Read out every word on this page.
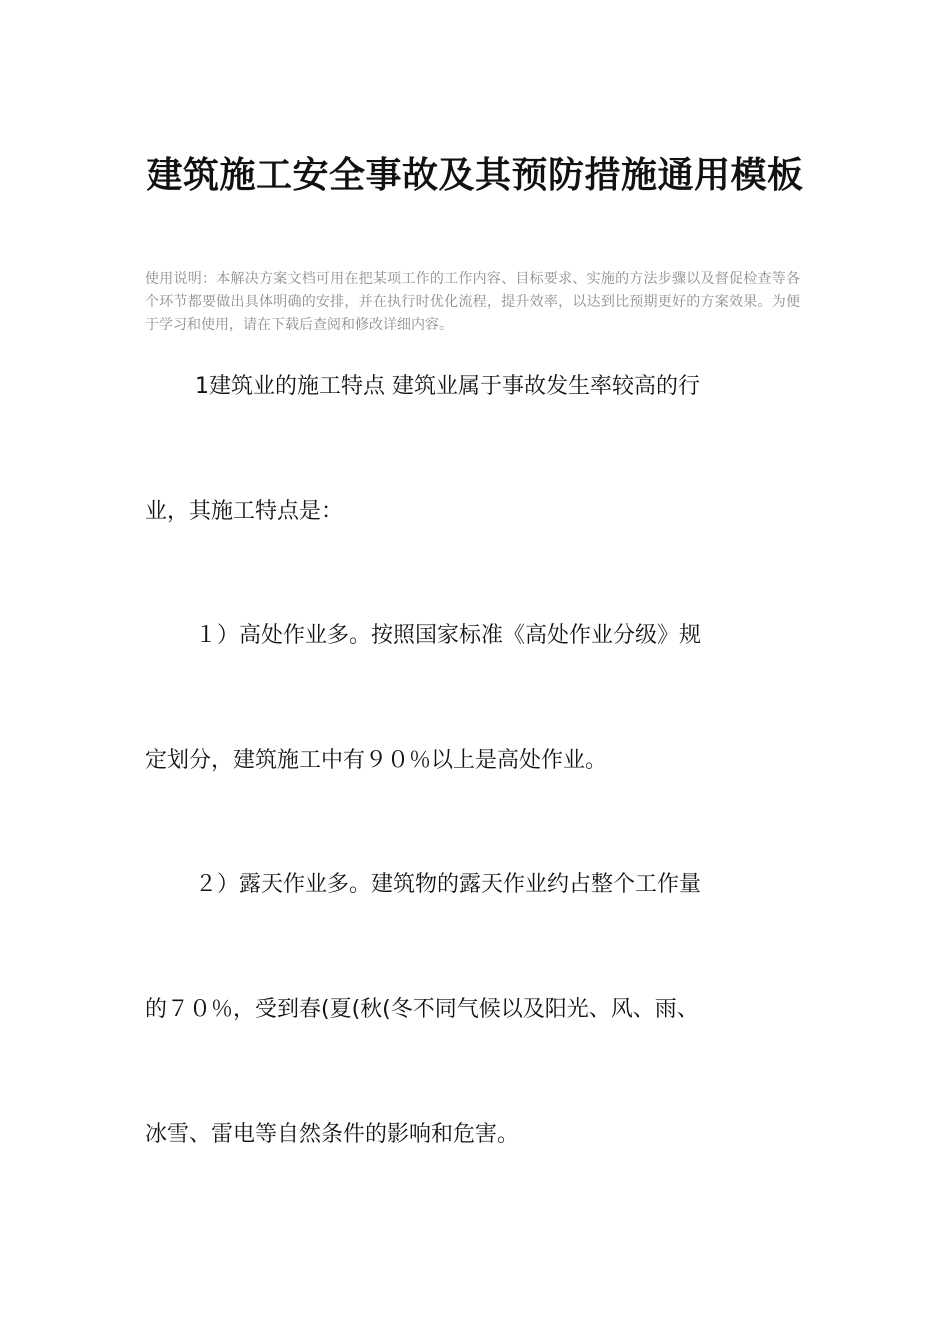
建筑施工安全事故及其预防措施通用模板

使用说明：本解决方案文档可用在把某项工作的工作内容、目标要求、实施的方法步骤以及督促检查等各个环节都要做出具体明确的安排，并在执行时优化流程，提升效率，以达到比预期更好的方案效果。为便于学习和使用，请在下载后查阅和修改详细内容。

1建筑业的施工特点 建筑业属于事故发生率较高的行

业，其施工特点是：

１）高处作业多。按照国家标准《高处作业分级》规

定划分，建筑施工中有９０％以上是高处作业。

２）露天作业多。建筑物的露天作业约占整个工作量

的７０％，受到春(夏(秋(冬不同气候以及阳光、风、雨、

冰雪、雷电等自然条件的影响和危害。
